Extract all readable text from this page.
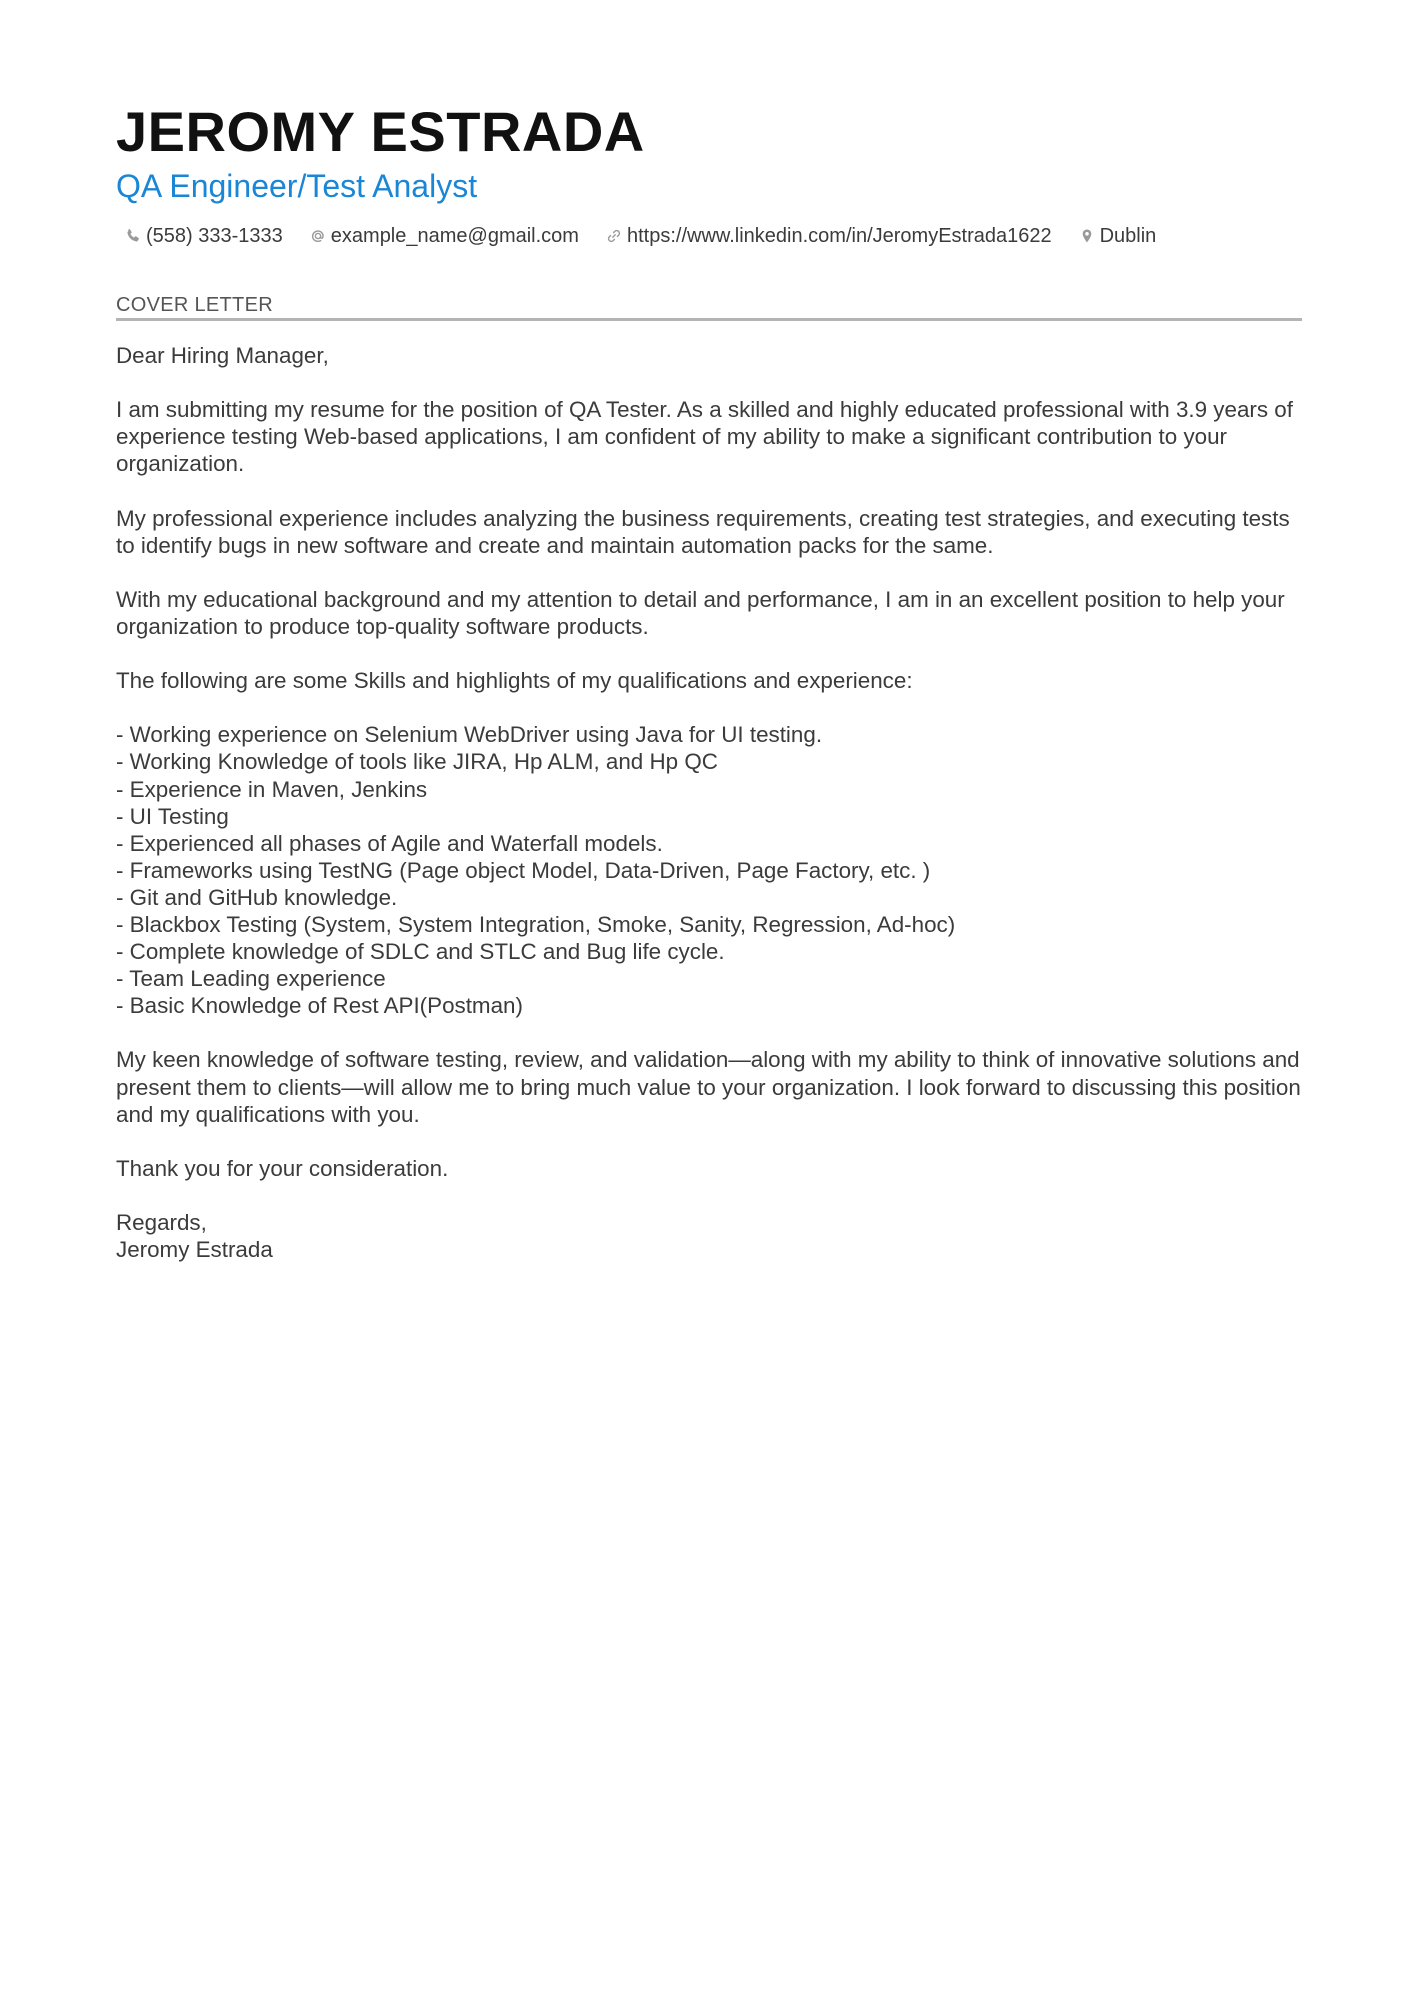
JEROMY ESTRADA
QA Engineer/Test Analyst
(558) 333-1333 example_name@gmail.com https://www.linkedin.com/in/JeromyEstrada1622 Dublin
COVER LETTER

Dear Hiring Manager,

I am submitting my resume for the position of QA Tester. As a skilled and highly educated professional with 3.9 years of experience testing Web-based applications, I am confident of my ability to make a significant contribution to your organization.

My professional experience includes analyzing the business requirements, creating test strategies, and executing tests to identify bugs in new software and create and maintain automation packs for the same.

With my educational background and my attention to detail and performance, I am in an excellent position to help your organization to produce top-quality software products.

The following are some Skills and highlights of my qualifications and experience:

- Working experience on Selenium WebDriver using Java for UI testing.
- Working Knowledge of tools like JIRA, Hp ALM, and Hp QC
- Experience in Maven, Jenkins
- UI Testing
- Experienced all phases of Agile and Waterfall models.
- Frameworks using TestNG (Page object Model, Data-Driven, Page Factory, etc. )
- Git and GitHub knowledge.
- Blackbox Testing (System, System Integration, Smoke, Sanity, Regression, Ad-hoc)
- Complete knowledge of SDLC and STLC and Bug life cycle.
- Team Leading experience
- Basic Knowledge of Rest API(Postman)

My keen knowledge of software testing, review, and validation—along with my ability to think of innovative solutions and present them to clients—will allow me to bring much value to your organization. I look forward to discussing this position and my qualifications with you.

Thank you for your consideration.

Regards,
Jeromy Estrada
